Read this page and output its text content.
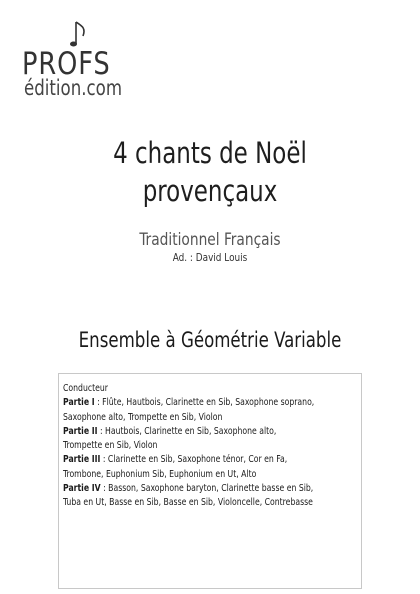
PROFS
édition.com
4 chants de Noël
provençaux
Traditionnel Français
Ad. : David Louis
Ensemble à Géométrie Variable
Conducteur
Partie I : Flûte, Hautbois, Clarinette en Sib, Saxophone soprano,
Saxophone alto, Trompette en Sib, Violon
Partie II : Hautbois, Clarinette en Sib, Saxophone alto,
Trompette en Sib, Violon
Partie III : Clarinette en Sib, Saxophone ténor, Cor en Fa,
Trombone, Euphonium Sib, Euphonium en Ut, Alto
Partie IV : Basson, Saxophone baryton, Clarinette basse en Sib,
Tuba en Ut, Basse en Sib, Basse en Sib, Violoncelle, Contrebasse
